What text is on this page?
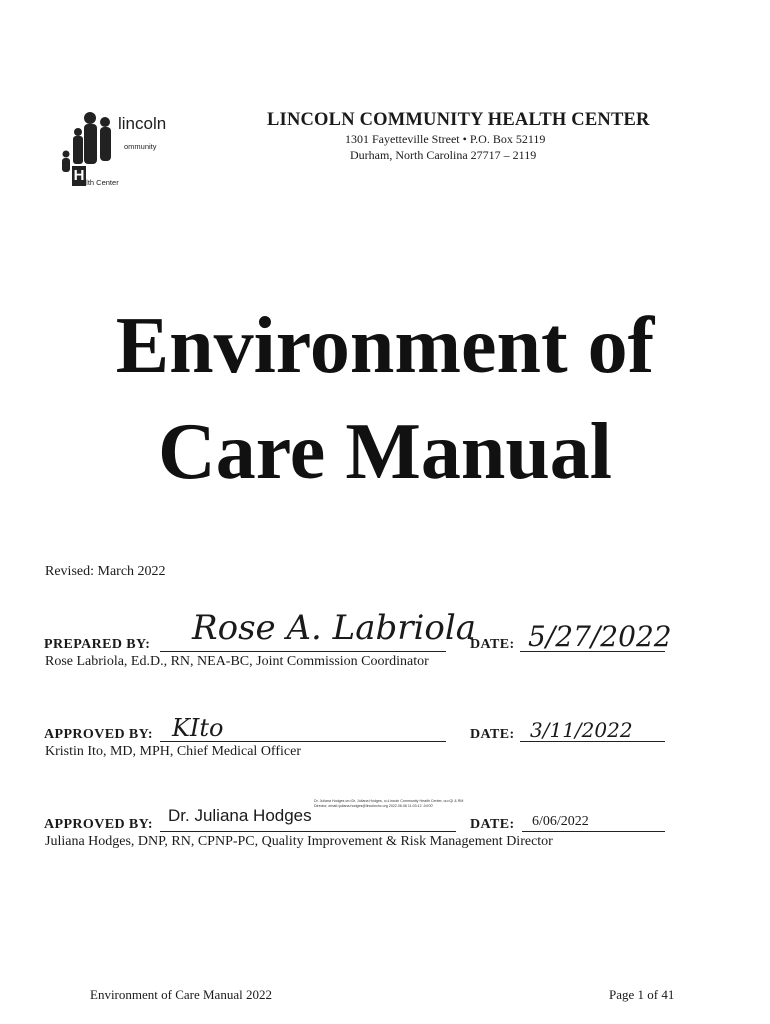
lincoln
ommunity
H
alth Center
LINCOLN COMMUNITY HEALTH CENTER
1301 Fayetteville Street • P.O. Box 52119
Durham, North Carolina 27717 – 2119
Environment of
Care Manual
Revised: March 2022
PREPARED BY: Rose A. Labriola
DATE: 5/27/2022
Rose Labriola, Ed.D., RN, NEA-BC, Joint Commission Coordinator
APPROVED BY: KIto	DATE: 3/11/2022
Kristin Ito, MD, MPH, Chief Medical Officer
APPROVED BY: Dr. Juliana Hodges
Dr. Juliana Hodges on=Dr. Juliana Hodges, o=Lincoln Community Health Center, ou=QI & RM Director, email=juliana.hodges@lincolnchc.org 2022.06.06 11:03:12 -04'00'
DATE: 6/06/2022
Juliana Hodges, DNP, RN, CPNP-PC, Quality Improvement & Risk Management Director
Environment of Care Manual 2022	Page 1 of 41
